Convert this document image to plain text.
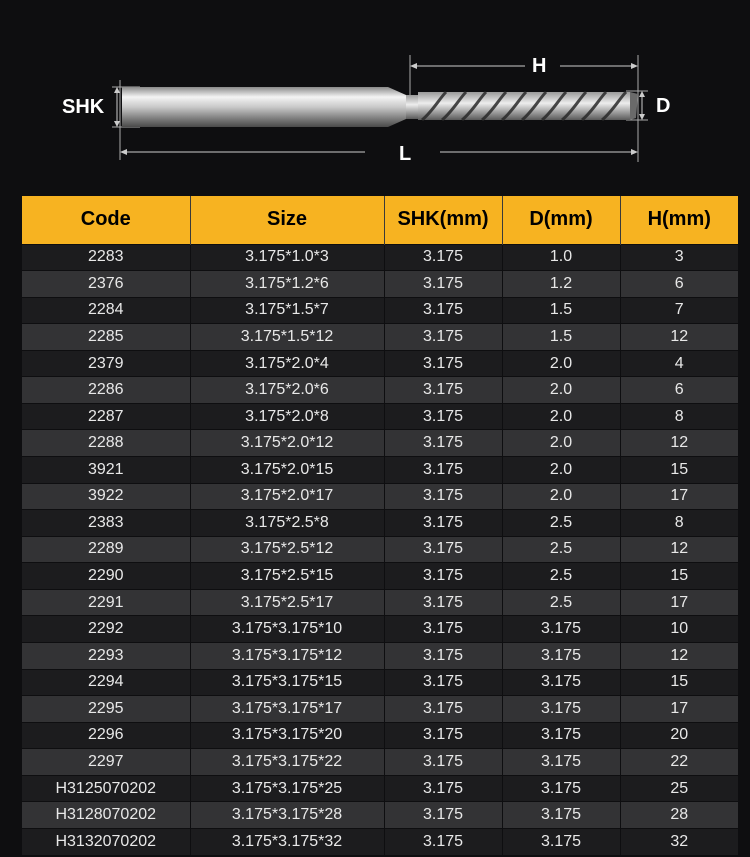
SHK
H
D
L
Code	Size	SHK(mm)	D(mm)	H(mm)
2283	3.175*1.0*3	3.175	1.0	3
2376	3.175*1.2*6	3.175	1.2	6
2284	3.175*1.5*7	3.175	1.5	7
2285	3.175*1.5*12	3.175	1.5	12
2379	3.175*2.0*4	3.175	2.0	4
2286	3.175*2.0*6	3.175	2.0	6
2287	3.175*2.0*8	3.175	2.0	8
2288	3.175*2.0*12	3.175	2.0	12
3921	3.175*2.0*15	3.175	2.0	15
3922	3.175*2.0*17	3.175	2.0	17
2383	3.175*2.5*8	3.175	2.5	8
2289	3.175*2.5*12	3.175	2.5	12
2290	3.175*2.5*15	3.175	2.5	15
2291	3.175*2.5*17	3.175	2.5	17
2292	3.175*3.175*10	3.175	3.175	10
2293	3.175*3.175*12	3.175	3.175	12
2294	3.175*3.175*15	3.175	3.175	15
2295	3.175*3.175*17	3.175	3.175	17
2296	3.175*3.175*20	3.175	3.175	20
2297	3.175*3.175*22	3.175	3.175	22
H3125070202	3.175*3.175*25	3.175	3.175	25
H3128070202	3.175*3.175*28	3.175	3.175	28
H3132070202	3.175*3.175*32	3.175	3.175	32
